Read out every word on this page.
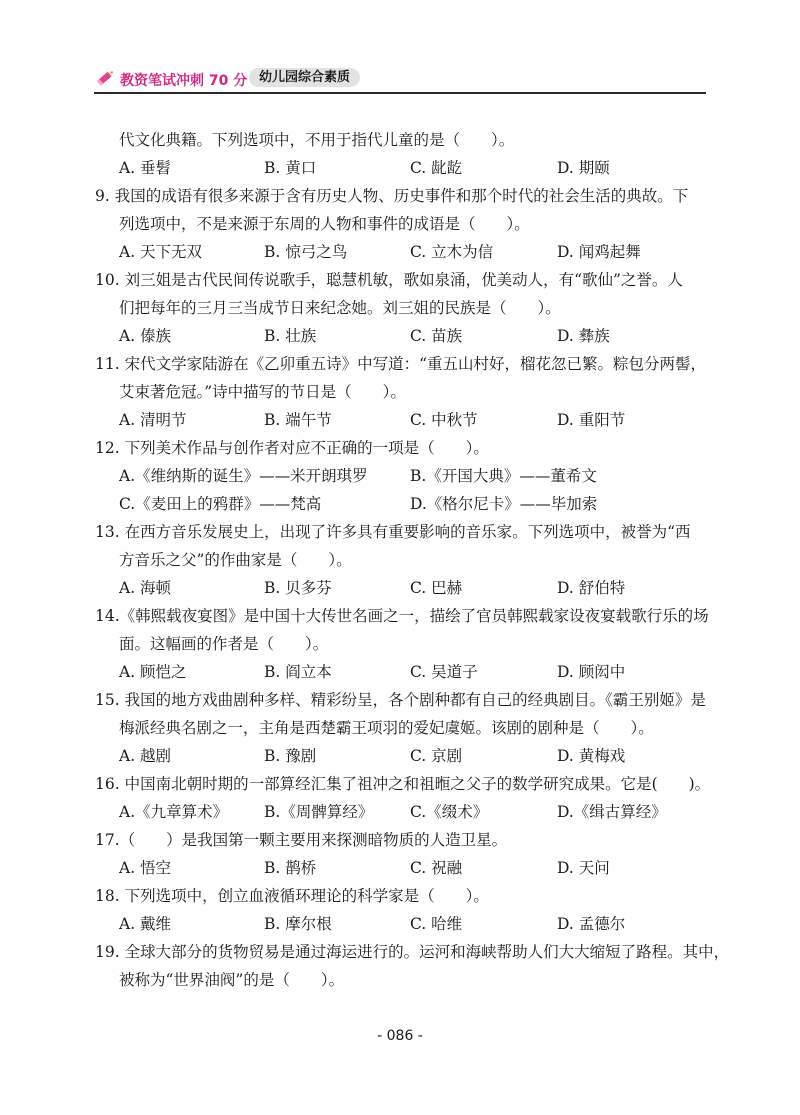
教资笔试冲刺 70 分 幼儿园综合素质
代文化典籍。下列选项中，不用于指代儿童的是（　　）。
A. 垂髫	B. 黄口	C. 龀龁	D. 期颐
9. 我国的成语有很多来源于含有历史人物、历史事件和那个时代的社会生活的典故。下
列选项中，不是来源于东周的人物和事件的成语是（　　）。
A. 天下无双	B. 惊弓之鸟	C. 立木为信	D. 闻鸡起舞
10. 刘三姐是古代民间传说歌手，聪慧机敏，歌如泉涌，优美动人，有“歌仙”之誉。人
们把每年的三月三当成节日来纪念她。刘三姐的民族是（　　）。
A. 傣族	B. 壮族	C. 苗族	D. 彝族
11. 宋代文学家陆游在《乙卯重五诗》中写道：“重五山村好，榴花忽已繁。粽包分两髻，
艾束著危冠。”诗中描写的节日是（　　）。
A. 清明节	B. 端午节	C. 中秋节	D. 重阳节
12. 下列美术作品与创作者对应不正确的一项是（　　）。
A.《维纳斯的诞生》——米开朗琪罗	B.《开国大典》——董希文
C.《麦田上的鸦群》——梵高	D.《格尔尼卡》——毕加索
13. 在西方音乐发展史上，出现了许多具有重要影响的音乐家。下列选项中，被誉为“西
方音乐之父”的作曲家是（　　）。
A. 海顿	B. 贝多芬	C. 巴赫	D. 舒伯特
14.《韩熙载夜宴图》是中国十大传世名画之一，描绘了官员韩熙载家设夜宴载歌行乐的场
面。这幅画的作者是（　　）。
A. 顾恺之	B. 阎立本	C. 吴道子	D. 顾闳中
15. 我国的地方戏曲剧种多样、精彩纷呈，各个剧种都有自己的经典剧目。《霸王别姬》是
梅派经典名剧之一，主角是西楚霸王项羽的爱妃虞姬。该剧的剧种是（　　）。
A. 越剧	B. 豫剧	C. 京剧	D. 黄梅戏
16. 中国南北朝时期的一部算经汇集了祖冲之和祖暅之父子的数学研究成果。它是(　　)。
A.《九章算术》 B.《周髀算经》 C.《缀术》	D.《缉古算经》
17.（　　）是我国第一颗主要用来探测暗物质的人造卫星。
A. 悟空	B. 鹊桥	C. 祝融	D. 天问
18. 下列选项中，创立血液循环理论的科学家是（　　）。
A. 戴维	B. 摩尔根	C. 哈维	D. 孟德尔
19. 全球大部分的货物贸易是通过海运进行的。运河和海峡帮助人们大大缩短了路程。其中，
被称为“世界油阀”的是（　　）。
- 086 -
